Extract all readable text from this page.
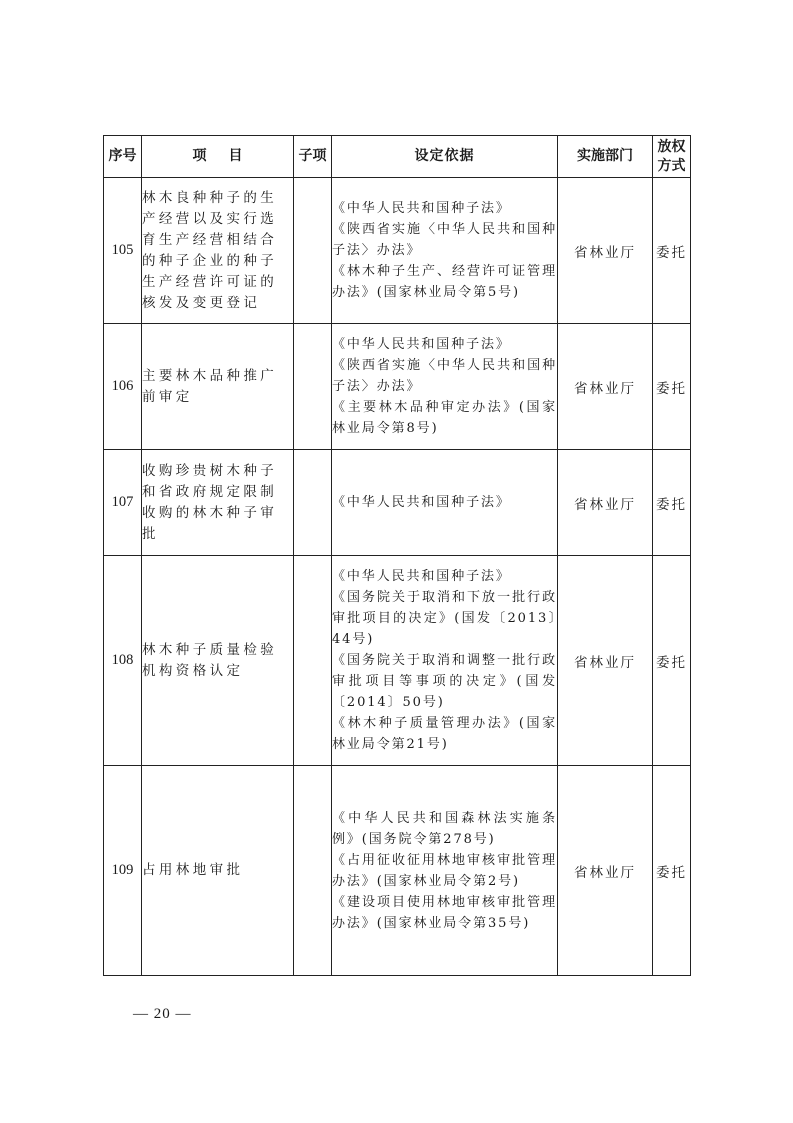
序号	项目	子项	设定依据	实施部门	放权
方式
105	林木良种种子的生产经营以及实行选育生产经营相结合的种子企业的种子生产经营许可证的核发及变更登记		《中华人民共和国种子法》
《陕西省实施〈中华人民共和国种子法〉办法》
《林木种子生产、经营许可证管理办法》(国家林业局令第5号)	省林业厅	委托
106	主要林木品种推广前审定		《中华人民共和国种子法》
《陕西省实施〈中华人民共和国种子法〉办法》
《主要林木品种审定办法》(国家林业局令第8号)	省林业厅	委托
107	收购珍贵树木种子和省政府规定限制收购的林木种子审批		《中华人民共和国种子法》	省林业厅	委托
108	林木种子质量检验机构资格认定		《中华人民共和国种子法》
《国务院关于取消和下放一批行政审批项目的决定》(国发〔2013〕44号)
《国务院关于取消和调整一批行政审批项目等事项的决定》(国发〔2014〕50号)
《林木种子质量管理办法》(国家林业局令第21号)	省林业厅	委托
109	占用林地审批		《中华人民共和国森林法实施条例》(国务院令第278号)
《占用征收征用林地审核审批管理办法》(国家林业局令第2号)
《建设项目使用林地审核审批管理办法》(国家林业局令第35号)	省林业厅	委托
— 20 —
